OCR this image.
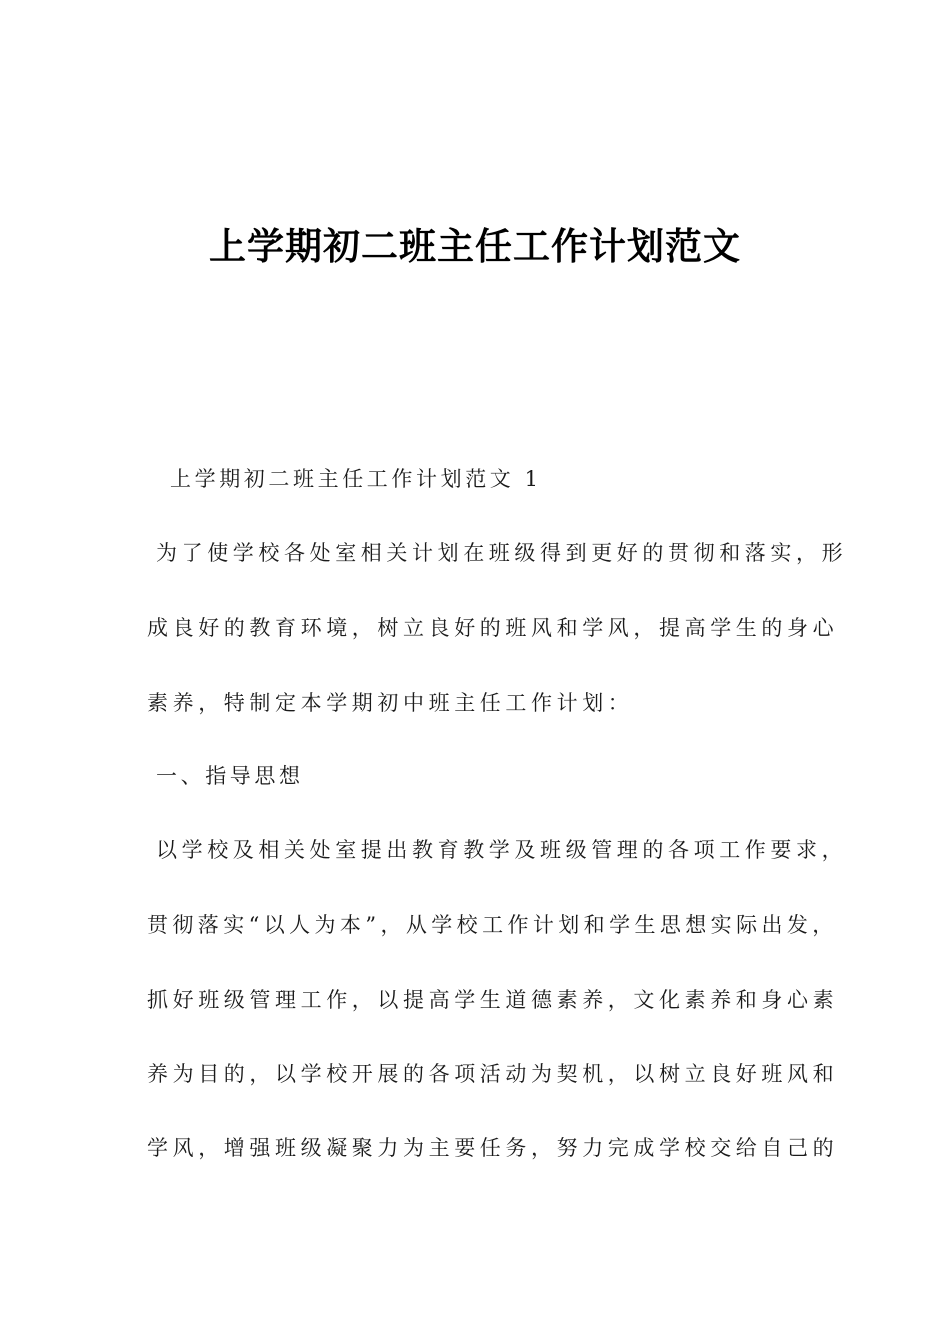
上学期初二班主任工作计划范文

上学期初二班主任工作计划范文 1

为了使学校各处室相关计划在班级得到更好的贯彻和落实，形

成良好的教育环境，树立良好的班风和学风，提高学生的身心

素养，特制定本学期初中班主任工作计划：

一、指导思想

以学校及相关处室提出教育教学及班级管理的各项工作要求，

贯彻落实“以人为本”，从学校工作计划和学生思想实际出发，

抓好班级管理工作，以提高学生道德素养，文化素养和身心素

养为目的，以学校开展的各项活动为契机，以树立良好班风和

学风，增强班级凝聚力为主要任务，努力完成学校交给自己的
